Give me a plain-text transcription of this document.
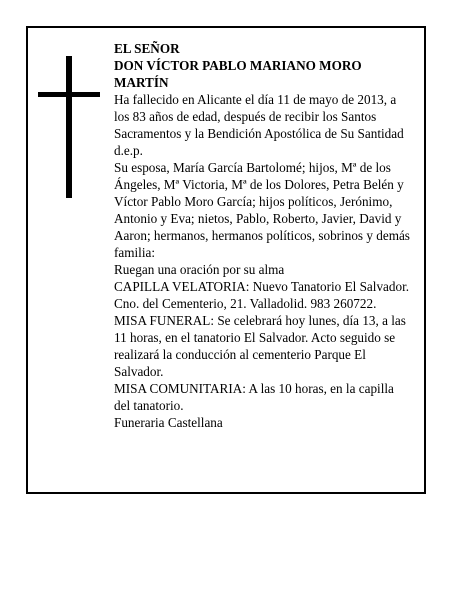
EL SEÑOR

DON VÍCTOR PABLO MARIANO MORO MARTÍN

Ha fallecido en Alicante el día 11 de mayo de 2013, a los 83 años de edad, después de recibir los Santos Sacramentos y la Bendición Apostólica de Su Santidad

d.e.p.

Su esposa, María García Bartolomé; hijos, Mª de los Ángeles, Mª Victoria, Mª de los Dolores, Petra Belén y Víctor Pablo Moro García; hijos políticos, Jerónimo, Antonio y Eva; nietos, Pablo, Roberto, Javier, David y Aaron; hermanos, hermanos políticos, sobrinos y demás familia:

Ruegan una oración por su alma

CAPILLA VELATORIA: Nuevo Tanatorio El Salvador. Cno. del Cementerio, 21. Valladolid. 983 260722.

MISA FUNERAL: Se celebrará hoy lunes, día 13, a las 11 horas, en el tanatorio El Salvador. Acto seguido se realizará la conducción al cementerio Parque El Salvador.

MISA COMUNITARIA: A las 10 horas, en la capilla del tanatorio.

Funeraria Castellana
